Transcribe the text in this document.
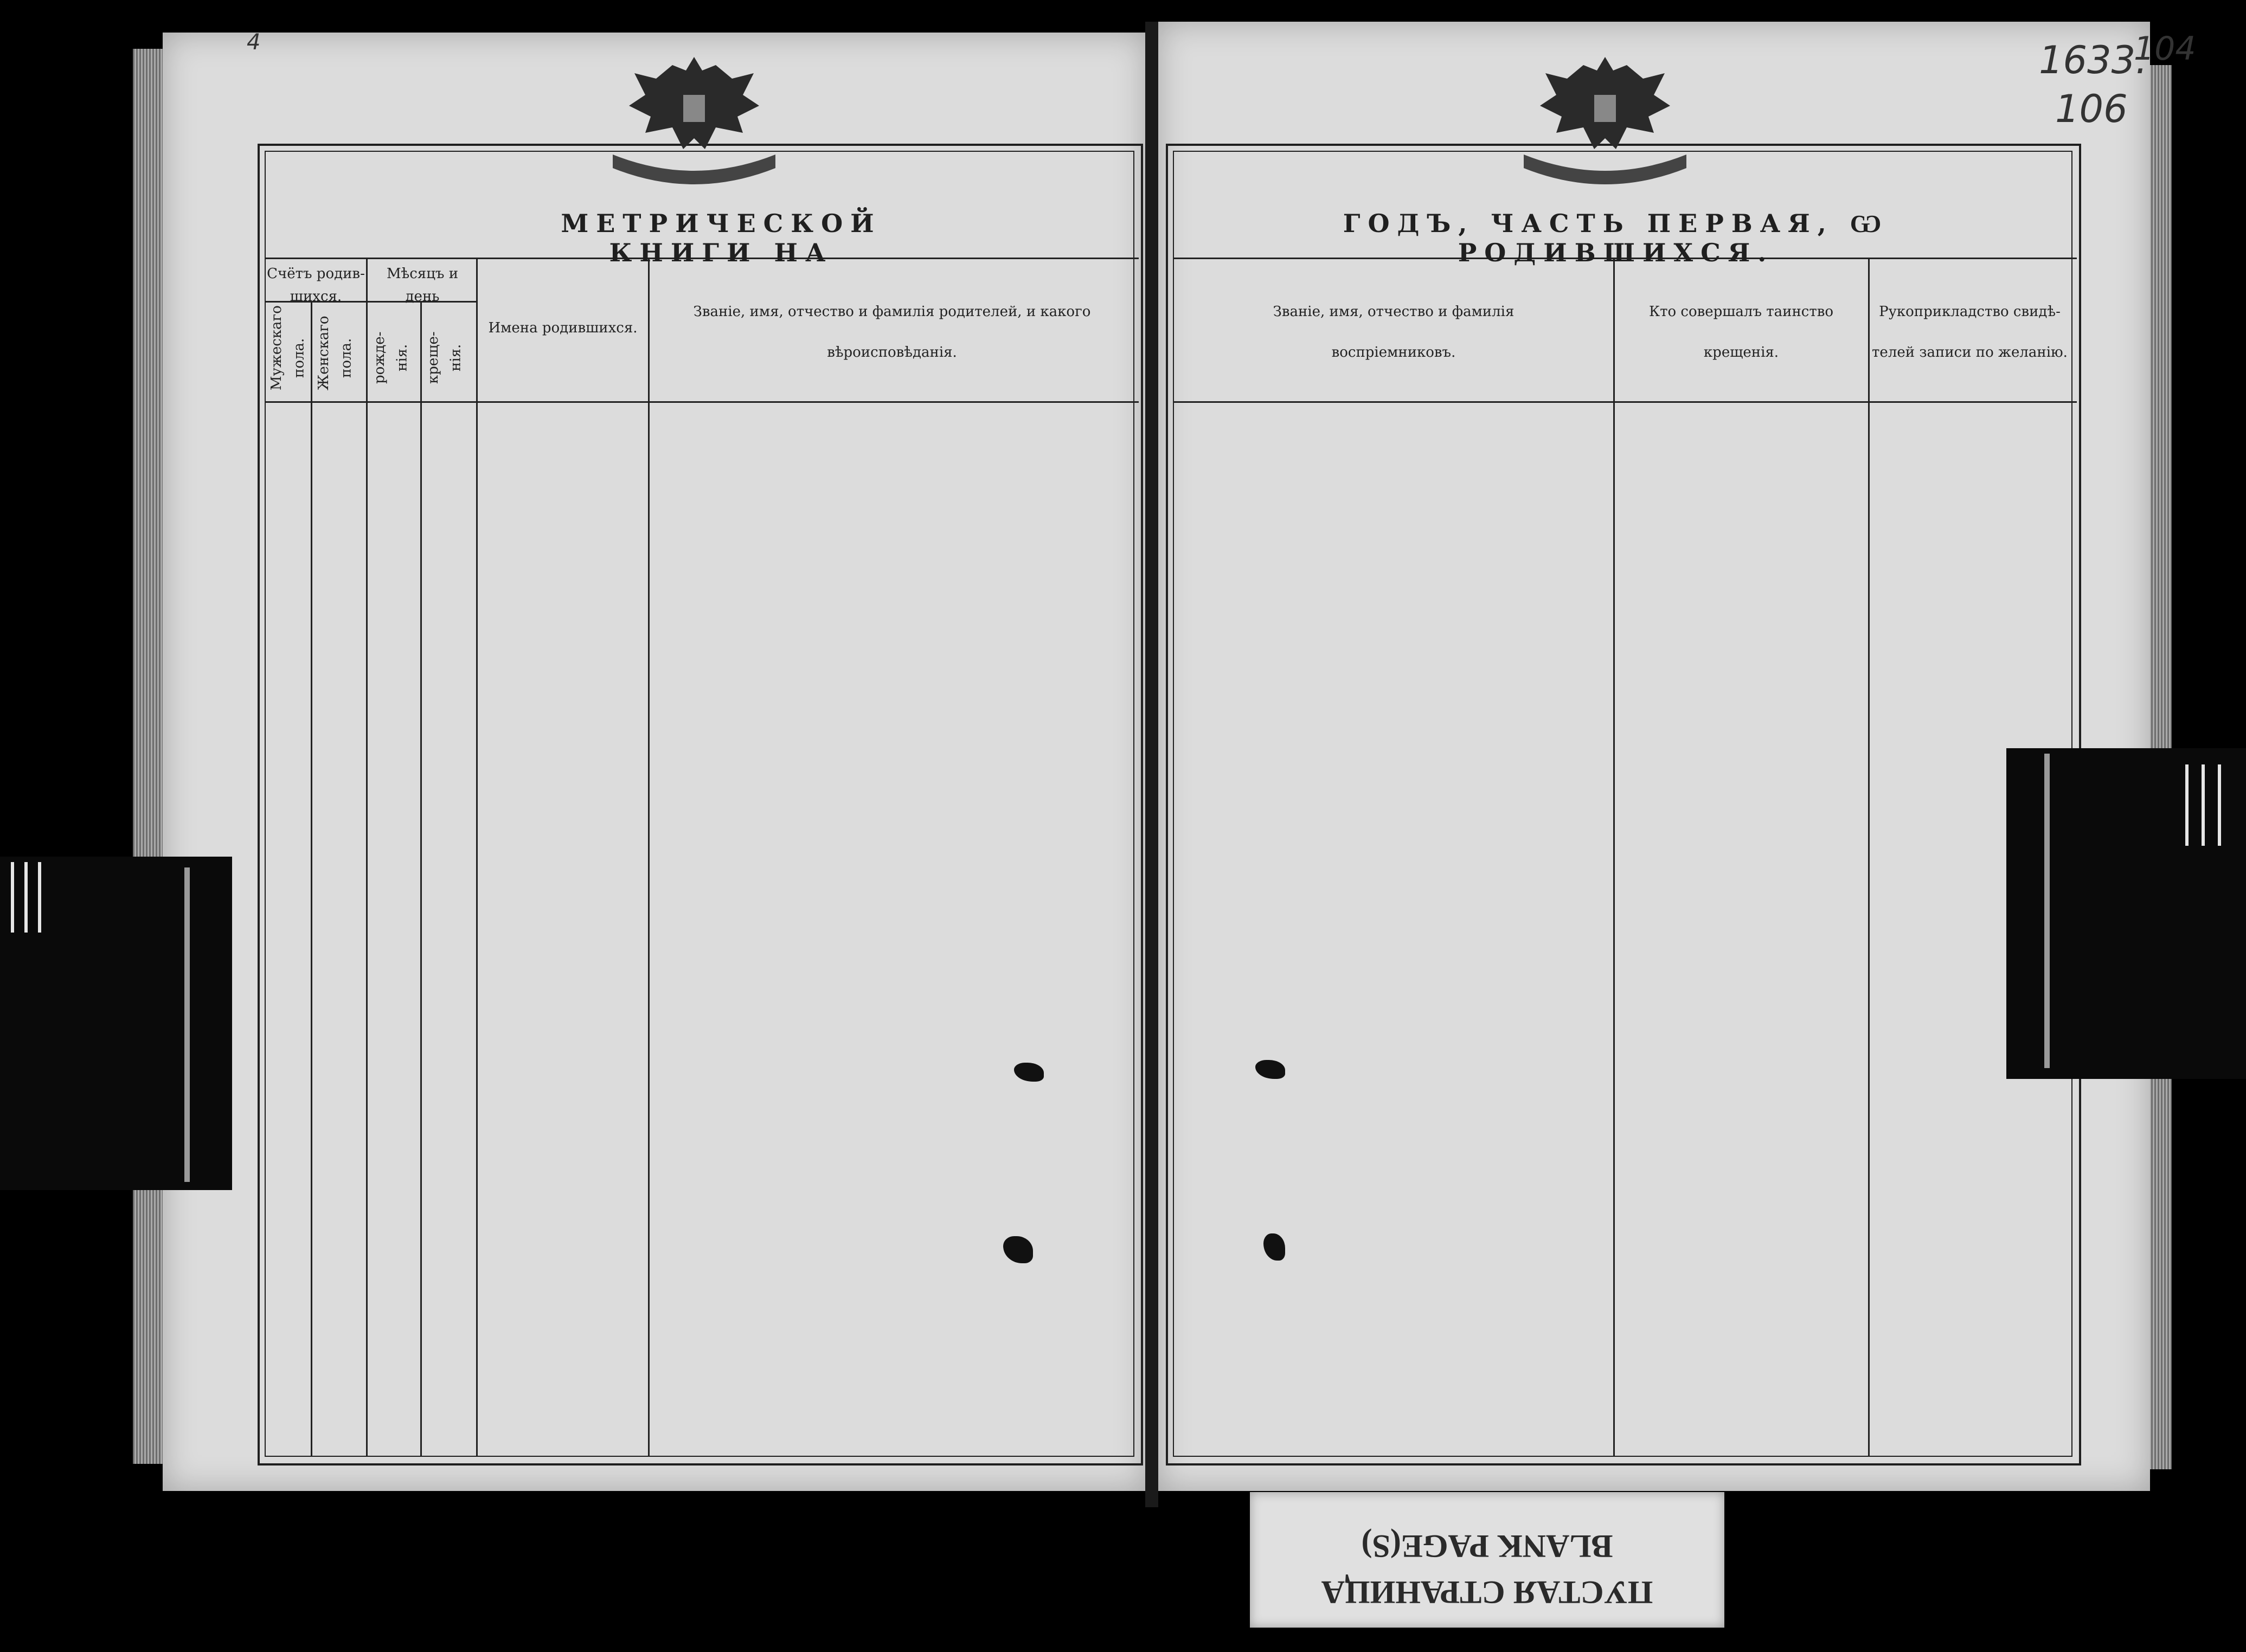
МЕТРИЧЕСКОЙ КНИГИ НА
ГОДЪ, ЧАСТЬ ПЕРВАЯ, Ѡ РОДИВШИХСЯ.
Счётъ родив-шихся.
Мужескаго пола. Женскаго пола.
Мѣсяцъ и день
рожде-нія.	креще-нія.
Имена родившихся.
Званіе, имя, отчество и фамилія родителей, и какого
вѣроисповѣданія.
Званіе, имя, отчество и фамилія
воспріемниковъ.
Кто совершалъ таинство
крещенія.
Рукоприкладство свидѣ-
телей записи по желанію.
1633.
104
106
4
ПУСТАЯ СТРАНИЦА
BLANK PAGE(S)
